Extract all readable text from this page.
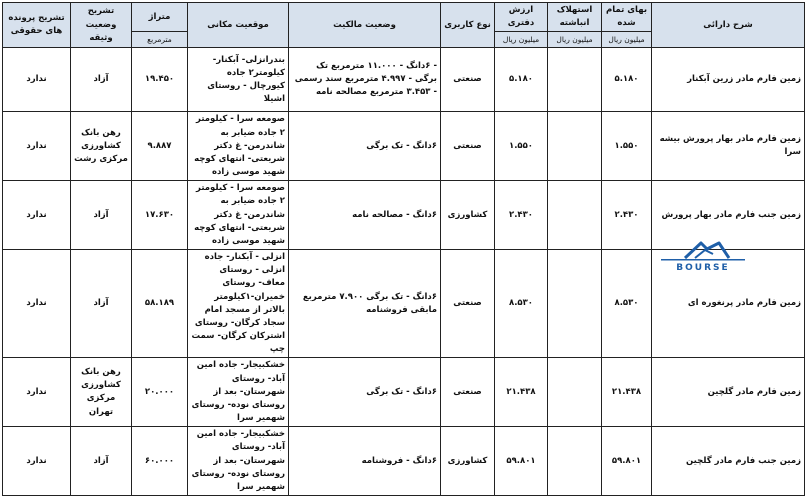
شرح دارائی	بهای تمام شده	استهلاک انباشته	ارزش دفتری	نوع کاربری	وضعیت مالکیت	موقعیت مکانی	متراژ	تشریح وضعیت وثیقه	تشریح پرونده های حقوقی
	میلیون ریال	میلیون ریال	میلیون ریال				مترمربع		
زمین فارم مادر زرین آبکنار	۵.۱۸۰		۵.۱۸۰	صنعتی	- ۶دانگ - ۱۱.۰۰۰ مترمربع تک برگی - ۴.۹۹۷ مترمربع سند رسمی - ۳.۴۵۳ مترمربع مصالحه نامه	بندرانزلی- آبکنار- کیلومتر۲ جاده کیورچال - روستای اشیلا	۱۹.۴۵۰	آزاد	ندارد
زمین فارم مادر بهار پرورش بیشه سرا	۱.۵۵۰		۱.۵۵۰	صنعتی	۶دانگ - تک برگی	صومعه سرا - کیلومتر ۲ جاده ضیابر به شاندرمن- غ دکتر شریعتی- انتهای کوچه شهید موسی زاده	۹.۸۸۷	رهن بانک کشاورزی مرکزی رشت	ندارد
زمین جنب فارم مادر بهار پرورش	۲.۴۳۰		۲.۴۳۰	کشاورزی	۶دانگ - مصالحه نامه	صومعه سرا - کیلومتر ۲ جاده ضیابر به شاندرمن- غ دکتر شریعتی- انتهای کوچه شهید موسی زاده	۱۷.۶۳۰	آزاد	ندارد
زمین فارم مادر پرنغوره ای	۸.۵۳۰		۸.۵۳۰	صنعتی	۶دانگ - تک برگی ۷.۹۰۰ مترمربع مابقی فروشنامه	انزلی - آبکنار- جاده انزلی - روستای معاف- روستای خمیران-۱کیلومتر بالاتر از مسجد امام سجاد کرگان- روستای اشترکان کرگان- سمت چپ	۵۸.۱۸۹	آزاد	ندارد
زمین فارم مادر گلچین	۲۱.۴۳۸		۲۱.۴۳۸	صنعتی	۶دانگ - تک برگی	خشکبیجار- جاده امین آباد- روستای شهرستان- بعد از روستای نوده- روستای شهمیر سرا	۲۰.۰۰۰	رهن بانک کشاورزی مرکزی تهران	ندارد
زمین جنب فارم مادر گلچین	۵۹.۸۰۱		۵۹.۸۰۱	کشاورزی	۶دانگ - فروشنامه	خشکبیجار- جاده امین آباد- روستای شهرستان- بعد از روستای نوده- روستای شهمیر سرا	۶۰.۰۰۰	آزاد	ندارد
BOURSE
